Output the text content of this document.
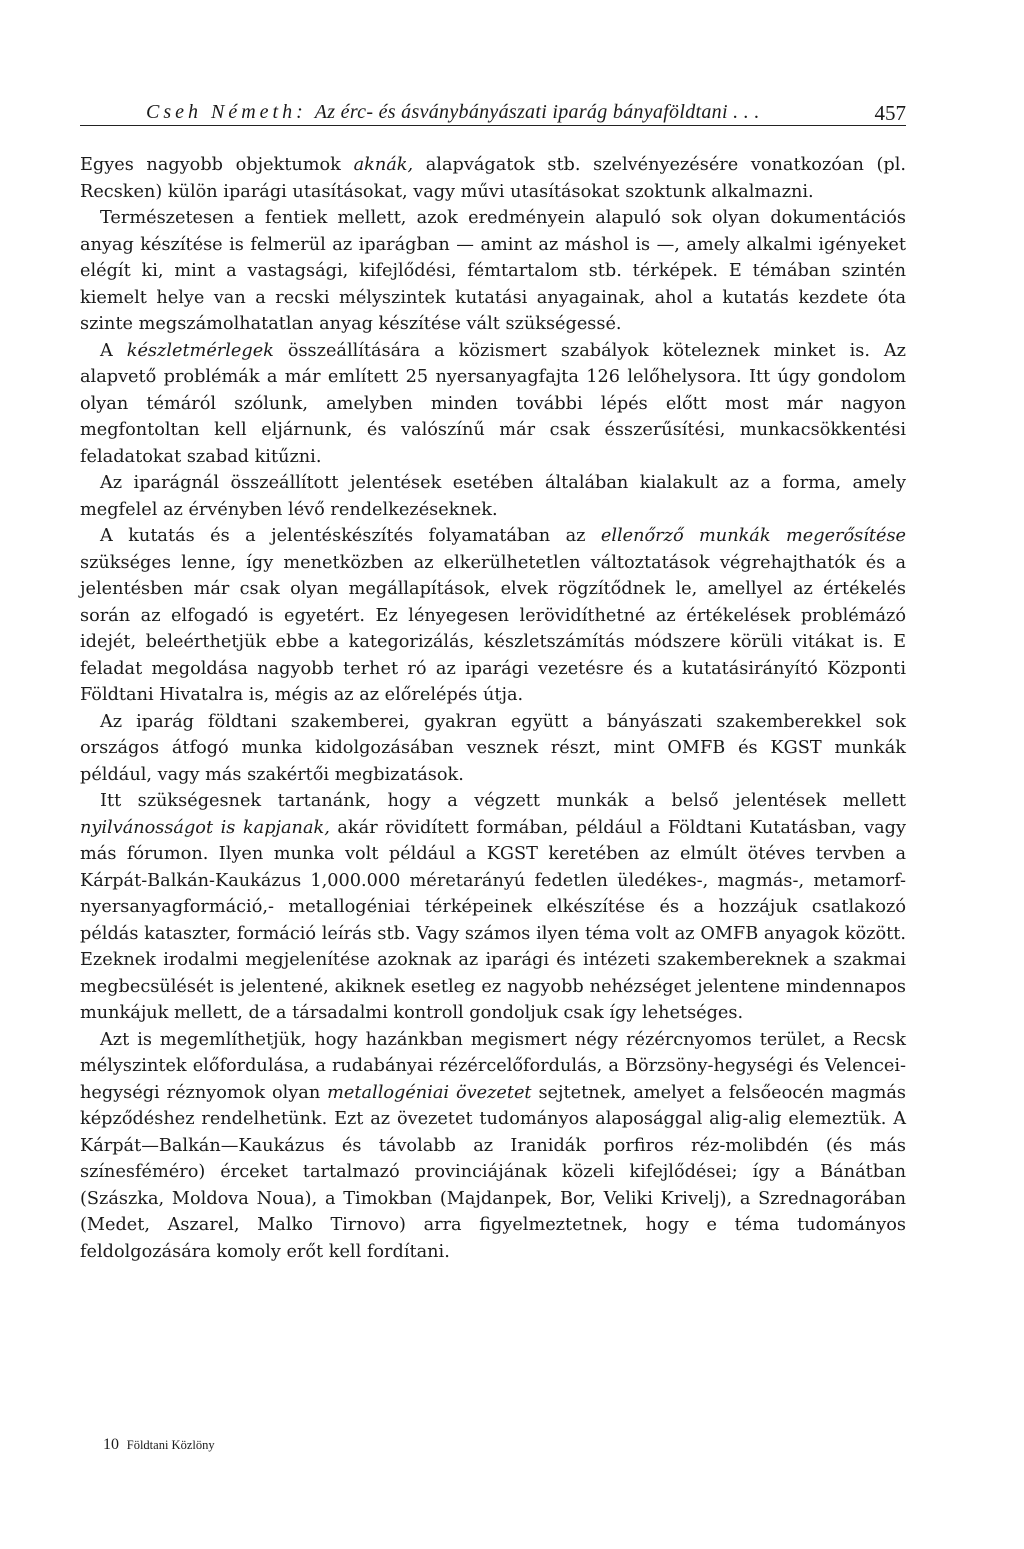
Cseh Németh: Az érc- és ásványbányászati iparág bányaföldtani . . .	457

Egyes nagyobb objektumok aknák, alapvágatok stb. szelvényezésére vonatkozóan (pl. Recsken) külön iparági utasításokat, vagy művi utasításokat szoktunk alkalmazni.

Természetesen a fentiek mellett, azok eredményein alapuló sok olyan dokumentációs anyag készítése is felmerül az iparágban — amint az máshol is —, amely alkalmi igényeket elégít ki, mint a vastagsági, kifejlődési, fémtartalom stb. térképek. E témában szintén kiemelt helye van a recski mélyszintek kutatási anyagainak, ahol a kutatás kezdete óta szinte megszámolhatatlan anyag készítése vált szükségessé.

A készletmérlegek összeállítására a közismert szabályok köteleznek minket is. Az alapvető problémák a már említett 25 nyersanyagfajta 126 lelőhelysora. Itt úgy gondolom olyan témáról szólunk, amelyben minden további lépés előtt most már nagyon megfontoltan kell eljárnunk, és valószínű már csak ésszerűsítési, munkacsökkentési feladatokat szabad kitűzni.

Az iparágnál összeállított jelentések esetében általában kialakult az a forma, amely megfelel az érvényben lévő rendelkezéseknek.

A kutatás és a jelentéskészítés folyamatában az ellenőrző munkák megerősítése szükséges lenne, így menetközben az elkerülhetetlen változtatások végrehajthatók és a jelentésben már csak olyan megállapítások, elvek rögzítődnek le, amellyel az értékelés során az elfogadó is egyetért. Ez lényegesen lerövidíthetné az értékelések problémázó idejét, beleérthetjük ebbe a kategorizálás, készletszámítás módszere körüli vitákat is. E feladat megoldása nagyobb terhet ró az iparági vezetésre és a kutatásirányító Központi Földtani Hivatalra is, mégis az az előrelépés útja.

Az iparág földtani szakemberei, gyakran együtt a bányászati szakemberekkel sok országos átfogó munka kidolgozásában vesznek részt, mint OMFB és KGST munkák például, vagy más szakértői megbizatások.

Itt szükségesnek tartanánk, hogy a végzett munkák a belső jelentések mellett nyilvánosságot is kapjanak, akár rövidített formában, például a Földtani Kutatásban, vagy más fórumon. Ilyen munka volt például a KGST keretében az elmúlt ötéves tervben a Kárpát-Balkán-Kaukázus 1,000.000 méretarányú fedetlen üledékes-, magmás-, metamorf-nyersanyagformáció,- metallogéniai térképeinek elkészítése és a hozzájuk csatlakozó példás kataszter, formáció leírás stb. Vagy számos ilyen téma volt az OMFB anyagok között. Ezeknek irodalmi megjelenítése azoknak az iparági és intézeti szakembereknek a szakmai megbecsülését is jelentené, akiknek esetleg ez nagyobb nehézséget jelentene mindennapos munkájuk mellett, de a társadalmi kontroll gondoljuk csak így lehetséges.

Azt is megemlíthetjük, hogy hazánkban megismert négy rézércnyomos terület, a Recsk mélyszintek előfordulása, a rudabányai rézércelőfordulás, a Börzsöny-hegységi és Velencei-hegységi réznyomok olyan metallogéniai övezetet sejtetnek, amelyet a felsőeocén magmás képződéshez rendelhetünk. Ezt az övezetet tudományos alaposággal alig-alig elemeztük. A Kárpát—Balkán—Kaukázus és távolabb az Iranidák porfiros réz-molibdén (és más színesféméro) érceket tartalmazó provinciájának közeli kifejlődései; így a Bánátban (Szászka, Moldova Noua), a Timokban (Majdanpek, Bor, Veliki Krivelj), a Szrednagorában (Medet, Aszarel, Malko Tirnovo) arra figyelmeztetnek, hogy e téma tudományos feldolgozására komoly erőt kell fordítani.

10 Földtani Közlöny
